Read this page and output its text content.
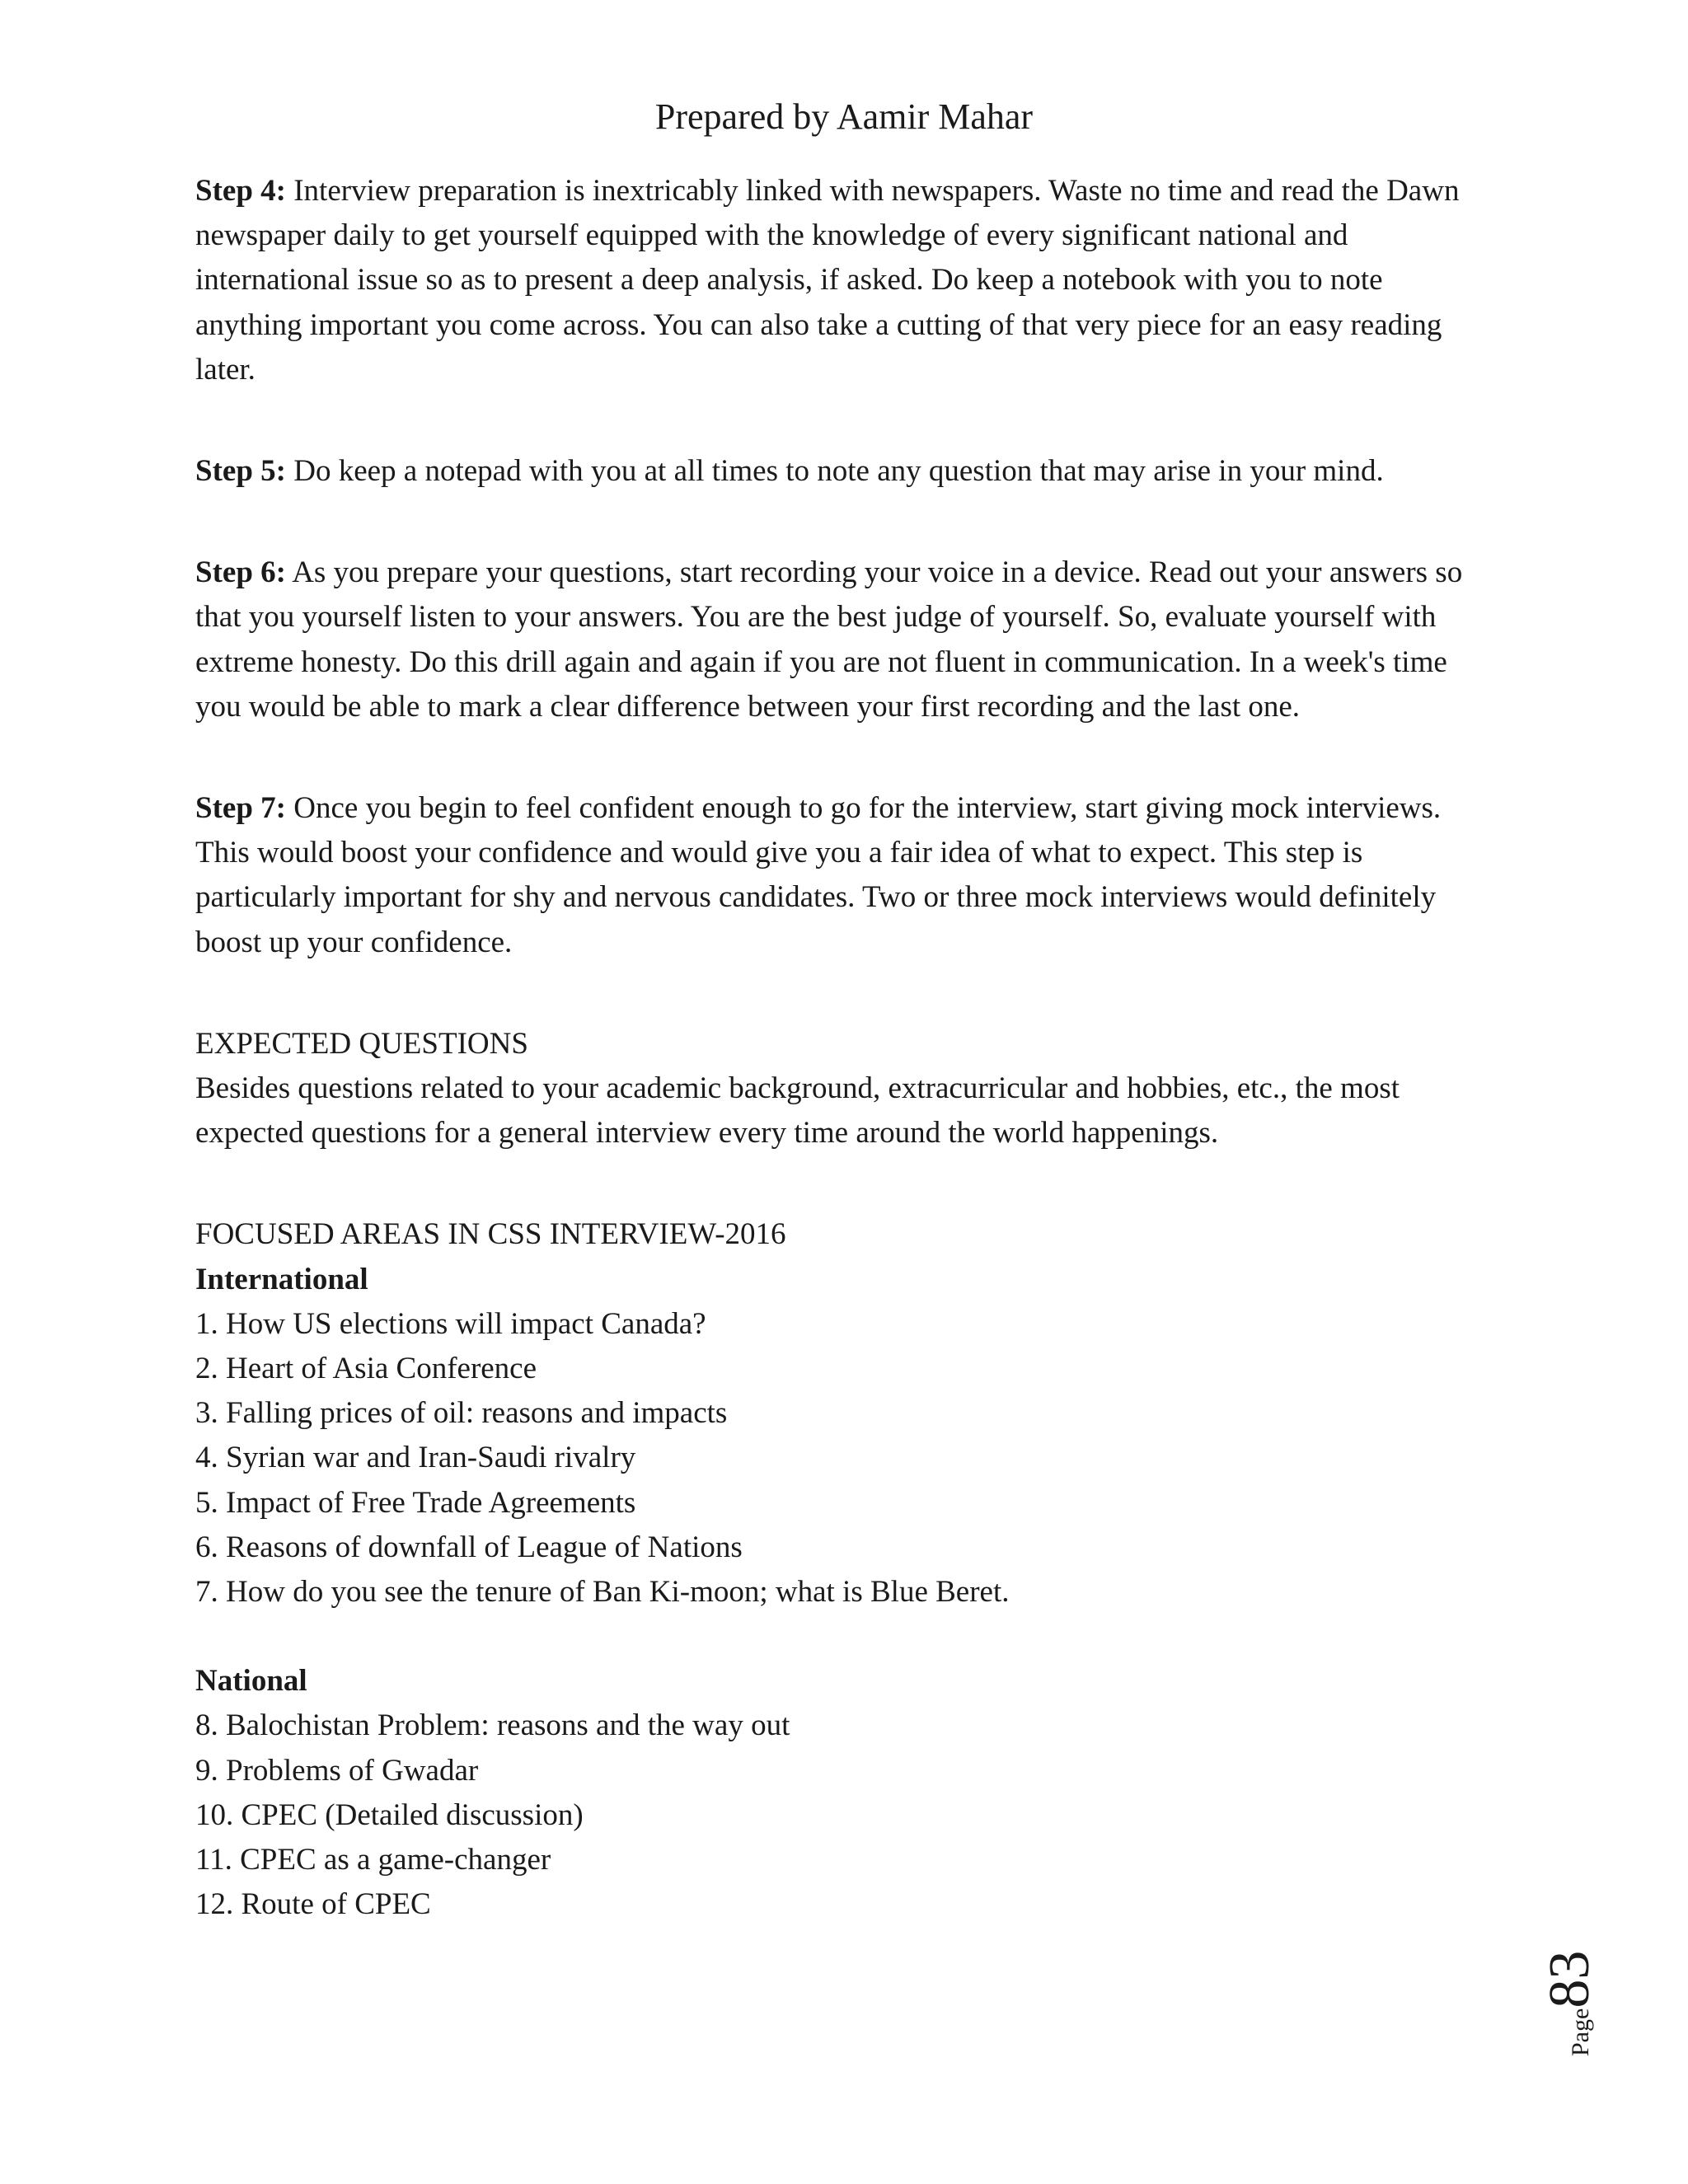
Prepared by Aamir Mahar

Step 4: Interview preparation is inextricably linked with newspapers. Waste no time and read the Dawn newspaper daily to get yourself equipped with the knowledge of every significant national and international issue so as to present a deep analysis, if asked. Do keep a notebook with you to note anything important you come across. You can also take a cutting of that very piece for an easy reading later.

Step 5: Do keep a notepad with you at all times to note any question that may arise in your mind.

Step 6: As you prepare your questions, start recording your voice in a device. Read out your answers so that you yourself listen to your answers. You are the best judge of yourself. So, evaluate yourself with extreme honesty. Do this drill again and again if you are not fluent in communication. In a week's time you would be able to mark a clear difference between your first recording and the last one.

Step 7: Once you begin to feel confident enough to go for the interview, start giving mock interviews. This would boost your confidence and would give you a fair idea of what to expect. This step is particularly important for shy and nervous candidates. Two or three mock interviews would definitely boost up your confidence.

EXPECTED QUESTIONS

Besides questions related to your academic background, extracurricular and hobbies, etc., the most expected questions for a general interview every time around the world happenings.

FOCUSED AREAS IN CSS INTERVIEW-2016

International

1. How US elections will impact Canada?
2. Heart of Asia Conference
3. Falling prices of oil: reasons and impacts
4. Syrian war and Iran-Saudi rivalry
5. Impact of Free Trade Agreements
6. Reasons of downfall of League of Nations
7. How do you see the tenure of Ban Ki-moon; what is Blue Beret.

National

8. Balochistan Problem: reasons and the way out
9. Problems of Gwadar
10. CPEC (Detailed discussion)
11. CPEC as a game-changer
12. Route of CPEC
Page83
